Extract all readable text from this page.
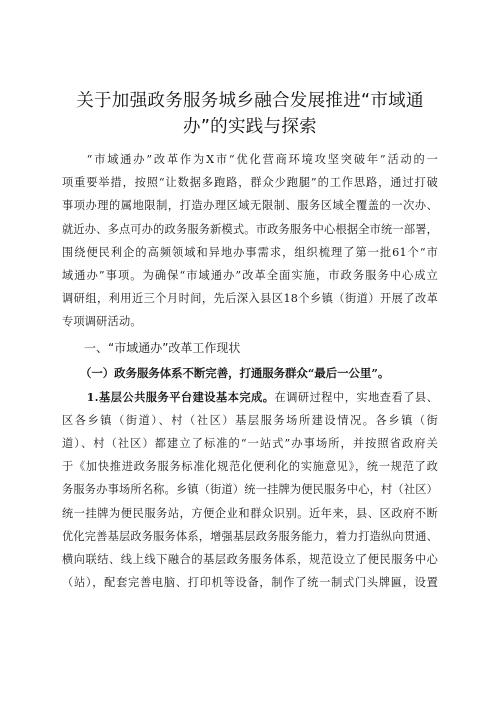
关于加强政务服务城乡融合发展推进“市域通
办”的实践与探索
“市域通办”改革作为X市“优化营商环境攻坚突破年”活动的一
项重要举措，按照“让数据多跑路，群众少跑腿”的工作思路，通过打破
事项办理的属地限制，打造办理区域无限制、服务区域全覆盖的一次办、
就近办、多点可办的政务服务新模式。市政务服务中心根据全市统一部署，
围绕便民利企的高频领域和异地办事需求，组织梳理了第一批61个“市
域通办”事项。为确保“市域通办”改革全面实施，市政务服务中心成立
调研组，利用近三个月时间，先后深入县区18个乡镇（街道）开展了改革
专项调研活动。
一、“市域通办”改革工作现状
（一）政务服务体系不断完善，打通服务群众“最后一公里”。
1.基层公共服务平台建设基本完成。在调研过程中，实地查看了县、
区各乡镇（街道）、村（社区）基层服务场所建设情况。各乡镇（街
道）、村（社区）都建立了标准的“一站式”办事场所，并按照省政府关
于《加快推进政务服务标准化规范化便利化的实施意见》，统一规范了政
务服务办事场所名称。乡镇（街道）统一挂牌为便民服务中心，村（社区）
统一挂牌为便民服务站，方便企业和群众识别。近年来，县、区政府不断
优化完善基层政务服务体系，增强基层政务服务能力，着力打造纵向贯通、
横向联结、线上线下融合的基层政务服务体系，规范设立了便民服务中心
（站），配套完善电脑、打印机等设备，制作了统一制式门头牌匾，设置
